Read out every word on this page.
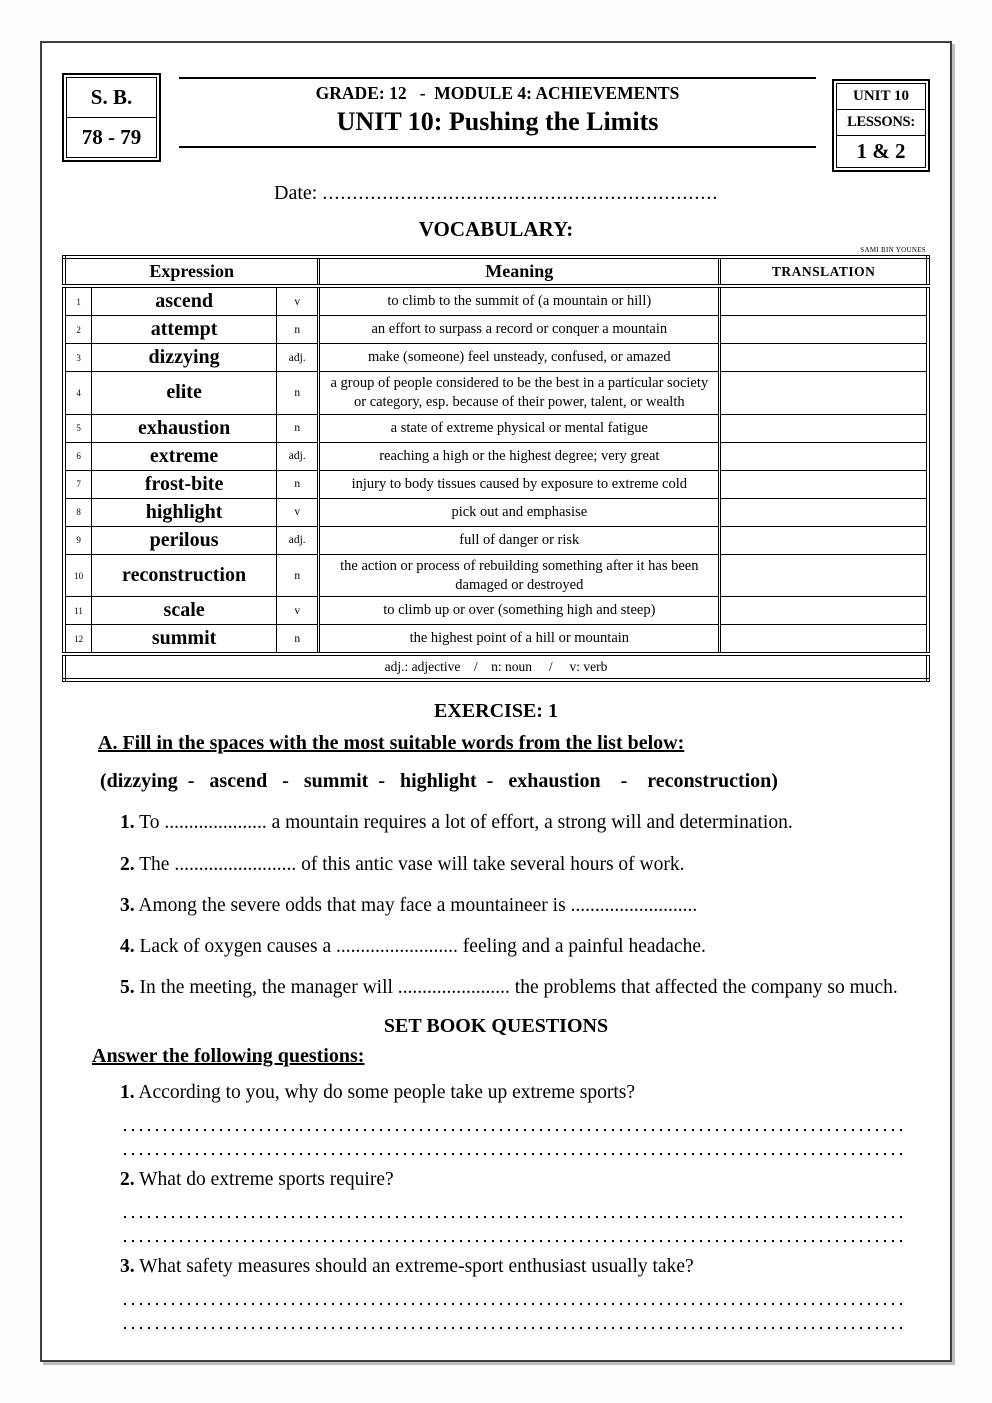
S. B.
78 - 79
GRADE: 12   -  MODULE 4: ACHIEVEMENTS
UNIT 10: Pushing the Limits
UNIT 10
LESSONS:
1 & 2
Date: ..................................................................
VOCABULARY:
SAMI BIN YOUNES
Expression			Meaning	TRANSLATION
1	ascend	v	to climb to the summit of (a mountain or hill)	
2	attempt	n	an effort to surpass a record or conquer a mountain	
3	dizzying	adj.	make (someone) feel unsteady, confused, or amazed	
4	elite	n	a group of people considered to be the best in a particular society or category, esp. because of their power, talent, or wealth	
5	exhaustion	n	a state of extreme physical or mental fatigue	
6	extreme	adj.	reaching a high or the highest degree; very great	
7	frost-bite	n	injury to body tissues caused by exposure to extreme cold	
8	highlight	v	pick out and emphasise	
9	perilous	adj.	full of danger or risk	
10	reconstruction	n	the action or process of rebuilding something after it has been damaged or destroyed	
11	scale	v	to climb up or over (something high and steep)	
12	summit	n	the highest point of a hill or mountain	
adj.: adjective    /    n: noun     /     v: verb				
EXERCISE: 1
A. Fill in the spaces with the most suitable words from the list below:
(dizzying  -   ascend   -   summit  -   highlight  -   exhaustion    -    reconstruction)

1. To ..................... a mountain requires a lot of effort, a strong will and determination.

2. The ......................... of this antic vase will take several hours of work.

3. Among the severe odds that may face a mountaineer is ..........................

4. Lack of oxygen causes a ......................... feeling and a painful headache.

5. In the meeting, the manager will ....................... the problems that affected the company so much.

SET BOOK QUESTIONS
Answer the following questions:

1. According to you, why do some people take up extreme sports?

2. What do extreme sports require?

3. What safety measures should an extreme-sport enthusiast usually take?
